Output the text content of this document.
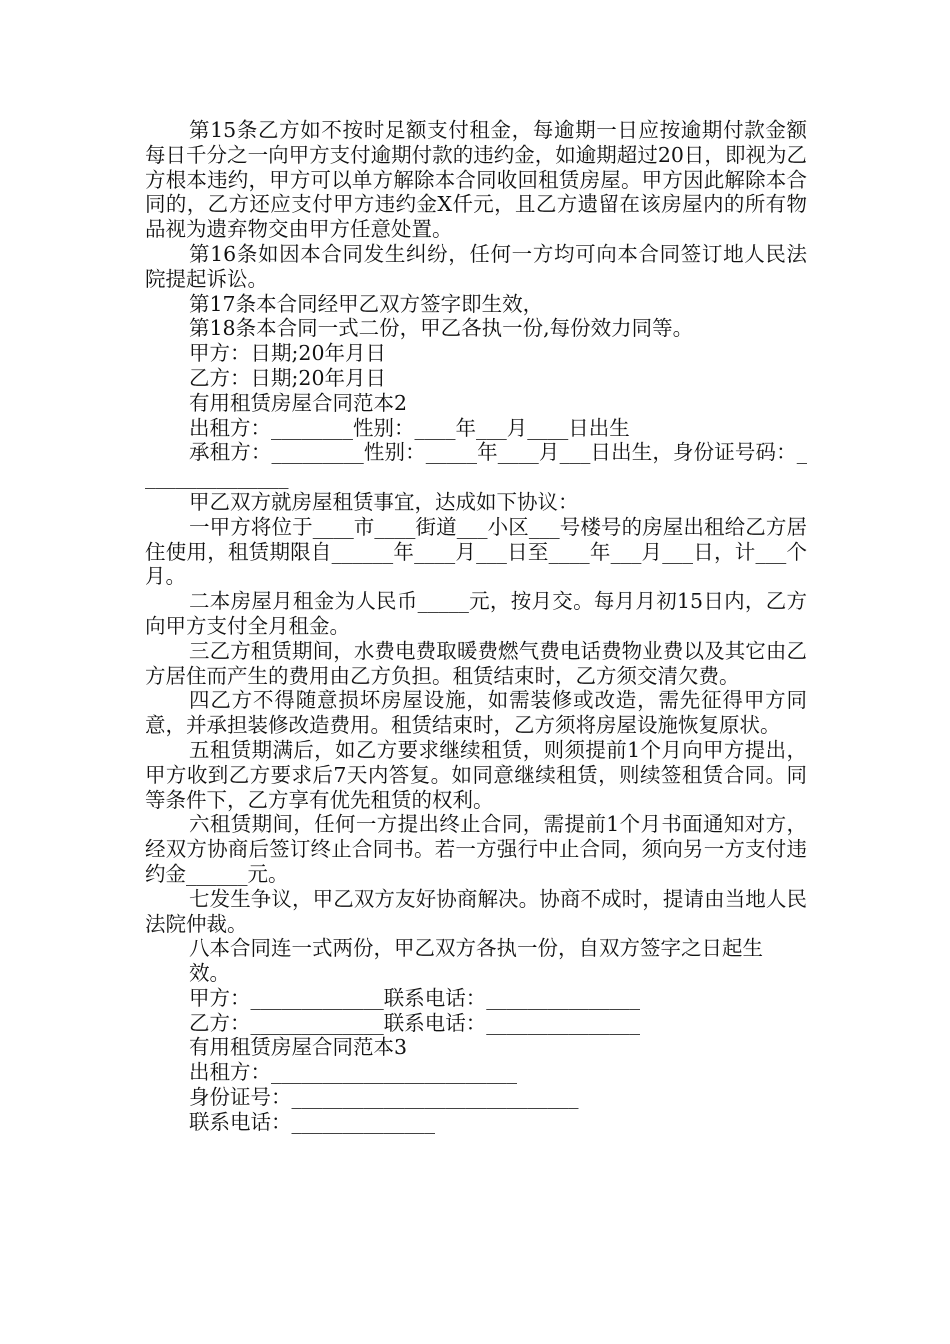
第15条乙方如不按时足额支付租金，每逾期一日应按逾期付款金额每日千分之一向甲方支付逾期付款的违约金，如逾期超过20日，即视为乙方根本违约，甲方可以单方解除本合同收回租赁房屋。甲方因此解除本合同的，乙方还应支付甲方违约金X仟元，且乙方遗留在该房屋内的所有物品视为遗弃物交由甲方任意处置。

第16条如因本合同发生纠纷，任何一方均可向本合同签订地人民法院提起诉讼。

第17条本合同经甲乙双方签字即生效，

第18条本合同一式二份，甲乙各执一份,每份效力同等。

甲方：日期;20年月日

乙方：日期;20年月日

有用租赁房屋合同范本2

出租方：________性别：____年___月____日出生

承租方：_________性别：_____年____月___日出生，身份证号码：_______________

甲乙双方就房屋租赁事宜，达成如下协议：

一甲方将位于____市____街道___小区___号楼号的房屋出租给乙方居住使用，租赁期限自______年____月___日至____年___月___日，计___个月。

二本房屋月租金为人民币_____元，按月交。每月月初15日内，乙方向甲方支付全月租金。

三乙方租赁期间，水费电费取暖费燃气费电话费物业费以及其它由乙方居住而产生的费用由乙方负担。租赁结束时，乙方须交清欠费。

四乙方不得随意损坏房屋设施，如需装修或改造，需先征得甲方同意，并承担装修改造费用。租赁结束时，乙方须将房屋设施恢复原状。

五租赁期满后，如乙方要求继续租赁，则须提前1个月向甲方提出，甲方收到乙方要求后7天内答复。如同意继续租赁，则续签租赁合同。同等条件下，乙方享有优先租赁的权利。

六租赁期间，任何一方提出终止合同，需提前1个月书面通知对方，经双方协商后签订终止合同书。若一方强行中止合同，须向另一方支付违约金______元。

七发生争议，甲乙双方友好协商解决。协商不成时，提请由当地人民法院仲裁。

八本合同连一式两份，甲乙双方各执一份，自双方签字之日起生

效。

甲方：_____________联系电话：_______________

乙方：_____________联系电话：_______________

有用租赁房屋合同范本3

出租方：________________________

身份证号：____________________________

联系电话：______________
